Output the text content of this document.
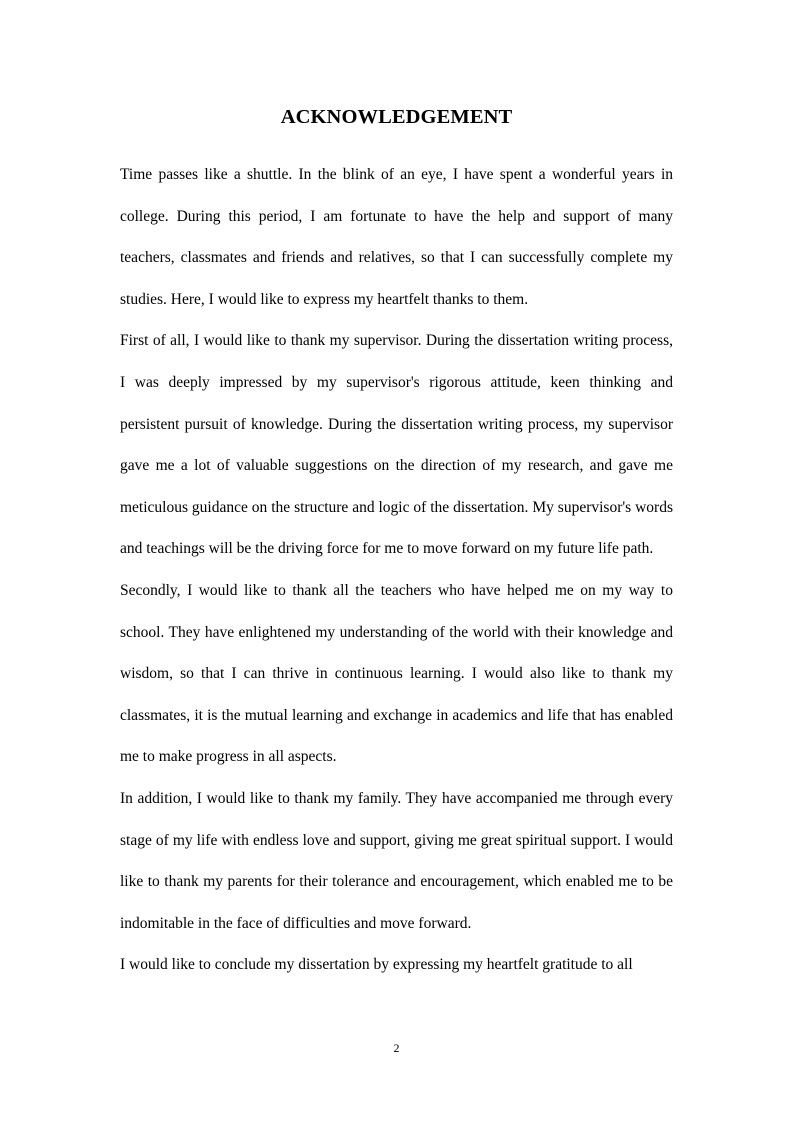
ACKNOWLEDGEMENT

Time passes like a shuttle. In the blink of an eye, I have spent a wonderful years in college. During this period, I am fortunate to have the help and support of many teachers, classmates and friends and relatives, so that I can successfully complete my studies. Here, I would like to express my heartfelt thanks to them.

First of all, I would like to thank my supervisor. During the dissertation writing process, I was deeply impressed by my supervisor's rigorous attitude, keen thinking and persistent pursuit of knowledge. During the dissertation writing process, my supervisor gave me a lot of valuable suggestions on the direction of my research, and gave me meticulous guidance on the structure and logic of the dissertation. My supervisor's words and teachings will be the driving force for me to move forward on my future life path.

Secondly, I would like to thank all the teachers who have helped me on my way to school. They have enlightened my understanding of the world with their knowledge and wisdom, so that I can thrive in continuous learning. I would also like to thank my classmates, it is the mutual learning and exchange in academics and life that has enabled me to make progress in all aspects.

In addition, I would like to thank my family. They have accompanied me through every stage of my life with endless love and support, giving me great spiritual support. I would like to thank my parents for their tolerance and encouragement, which enabled me to be indomitable in the face of difficulties and move forward.

I would like to conclude my dissertation by expressing my heartfelt gratitude to all

2
